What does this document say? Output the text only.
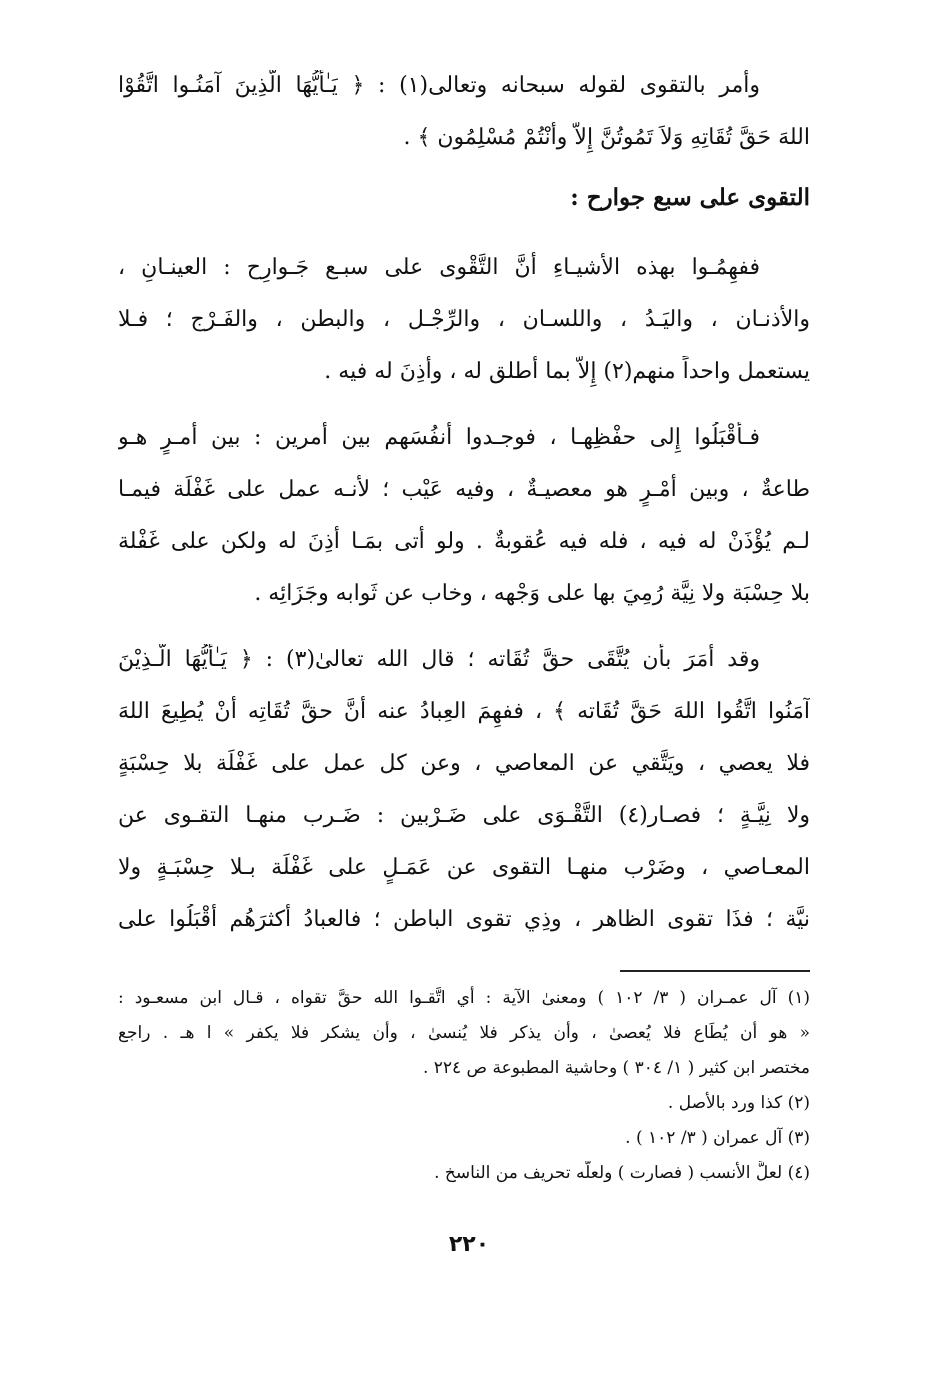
وأمر بالتقوى لقوله سبحانه وتعالى(١) : ﴿ يَـٰأَيُّهَا الَّذِينَ آمَنُـوا اتَّقُوْا

اللهَ حَقَّ تُقَاتِهِ وَلاَ تَمُوتُنَّ إِلاَّ وأَنْتُمْ مُسْلِمُون ﴾ .

التقوى على سبع جوارح :

ففهِمُـوا بهذه الأَشيـاءِ أَنَّ التَّقْوى على سبـع جَـوارِح : العينـانِ ،

والأُذنـان ، واليَـدُ ، واللسـان ، والرِّجْـل ، والبطن ، والفَـرْج ؛ فـلا

يستعمل واحداً منهم(٢) إِلاَّ بما أُطلق له ، وأُذِنَ له فيه .

فـأَقْبَلُوا إِلى حفْظِهـا ، فوجـدوا أَنفُسَهم بين أَمرين : بين أَمـرٍ هـو

طاعةٌ ، وبين أَمْـرٍ هو معصيـةٌ ، وفيه عَيْب ؛ لأنـه عمل على غَفْلَة فيمـا

لـم يُؤْذَنْ له فيه ، فله فيه عُقوبةٌ . ولو أتى بمَـا أُذِنَ له ولكن على غَفْلة

بلا حِسْبَة ولا نِيَّة رُمِيَ بها على وَجْهه ، وخاب عن ثَوابه وجَزَائِه .

وقد أَمَرَ بأن يُتَّقَى حقَّ تُقَاته ؛ قال الله تعالىٰ(٣) : ﴿ يَـٰأَيُّهَا الَّـذِيْنَ

آمَنُوا اتَّقُوا اللهَ حَقَّ تُقَاته ﴾ ، ففهِمَ العِبادُ عنه أَنَّ حقَّ تُقَاتِه أَنْ يُطِيعَ اللهَ

فلا يعصي ، ويَتَّقي عن المعاصي ، وعن كل عمل على غَفْلَة بلا حِسْبَةٍ

ولا نِيَّـةٍ ؛ فصـار(٤) التَّقْـوَى على ضَـرْبين : ضَـرب منهـا التقـوى عن

المعـاصي ، وضَرْب منهـا التقوى عن عَمَـلٍ على غَفْلَة بـلا حِسْبَـةٍ ولا

نيَّة ؛ فذَا تقوى الظاهر ، وذِي تقوى الباطن ؛ فالعبادُ أَكثرَهُم أَقْبَلُوا على

(١) آل عمـران ( ٣/ ١٠٢ ) ومعنىٰ الآية : أي اتَّقـوا الله حقَّ تقواه ، قـال ابن مسعـود :

« هو أن يُطَاع فلا يُعصىٰ ، وأن يذكر فلا يُنسىٰ ، وأن يشكر فلا يكفر » ا هـ . راجع

مختصر ابن كثير ( ١/ ٣٠٤ ) وحاشية المطبوعة ص ٢٢٤ .

(٢) كذا ورد بالأصل .

(٣) آل عمران ( ٣/ ١٠٢ ) .

(٤) لعلَّ الأنسب ( فصارت ) ولعلَّه تحريف من الناسخ .

٢٢٠
